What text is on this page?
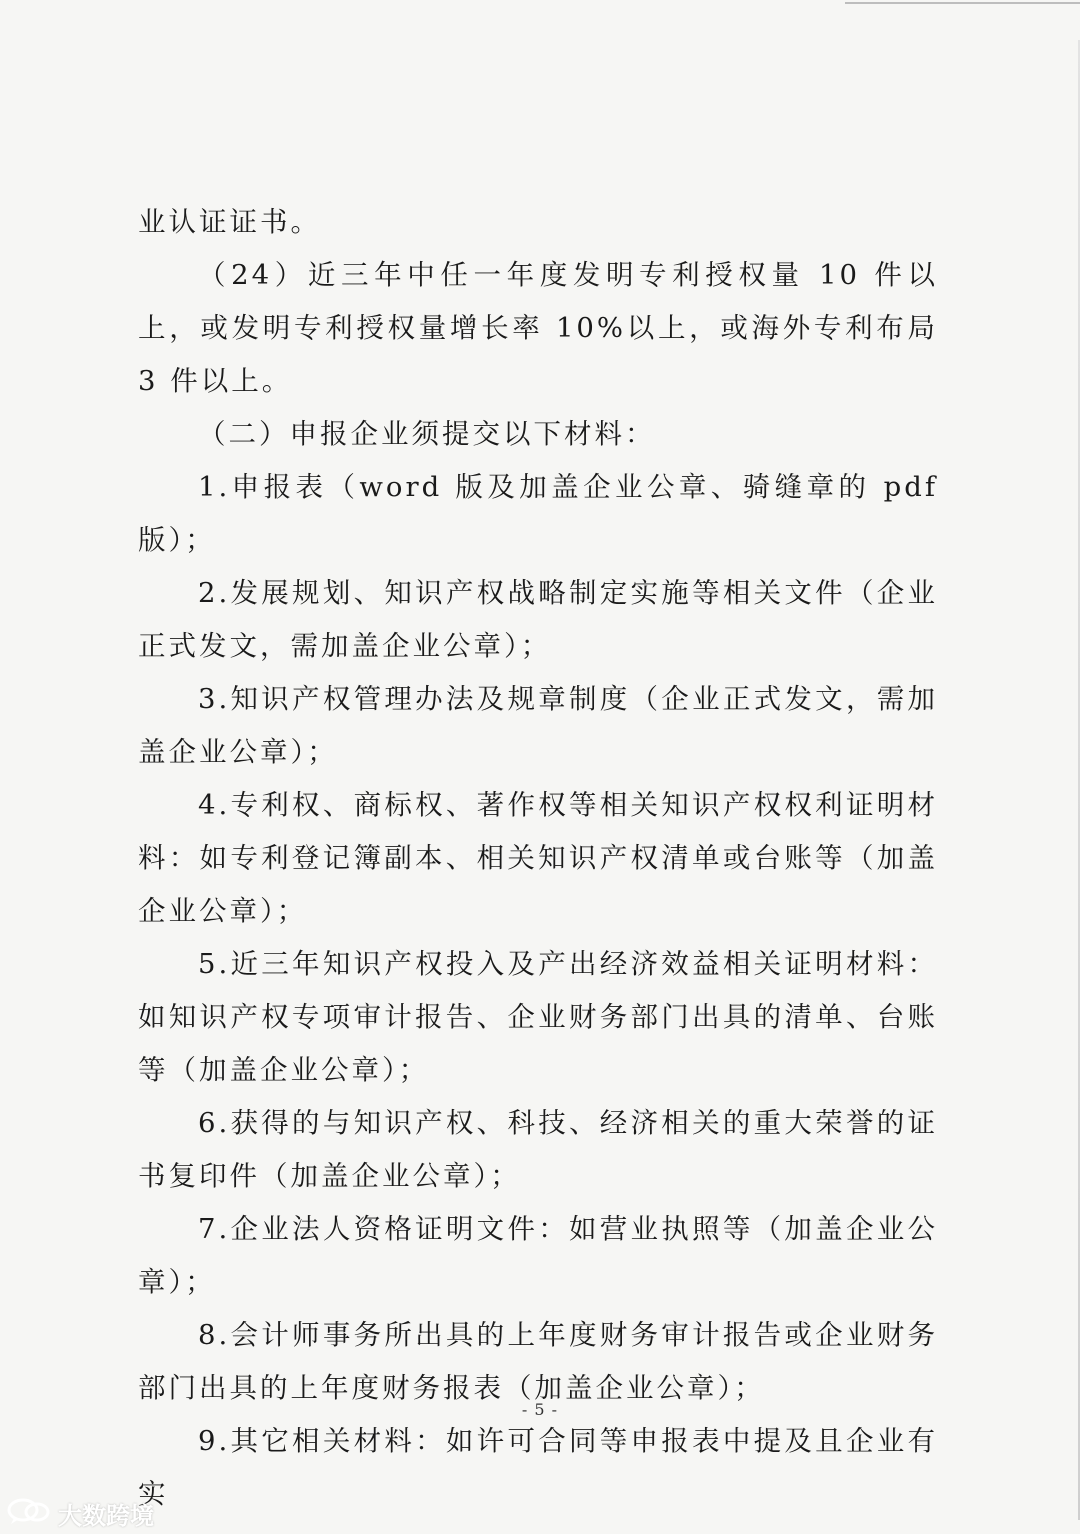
业认证证书。

（24）近三年中任一年度发明专利授权量 10 件以上，或发明专利授权量增长率 10%以上，或海外专利布局 3 件以上。

（二）申报企业须提交以下材料：

1.申报表（word 版及加盖企业公章、骑缝章的 pdf 版）；

2.发展规划、知识产权战略制定实施等相关文件（企业正式发文，需加盖企业公章）；

3.知识产权管理办法及规章制度（企业正式发文，需加盖企业公章）；

4.专利权、商标权、著作权等相关知识产权权利证明材料：如专利登记簿副本、相关知识产权清单或台账等（加盖企业公章）；

5.近三年知识产权投入及产出经济效益相关证明材料：如知识产权专项审计报告、企业财务部门出具的清单、台账等（加盖企业公章）；

6.获得的与知识产权、科技、经济相关的重大荣誉的证书复印件（加盖企业公章）；

7.企业法人资格证明文件：如营业执照等（加盖企业公章）；

8.会计师事务所出具的上年度财务审计报告或企业财务部门出具的上年度财务报表（加盖企业公章）；

9.其它相关材料：如许可合同等申报表中提及且企业有实

- 5 -
大数跨境
